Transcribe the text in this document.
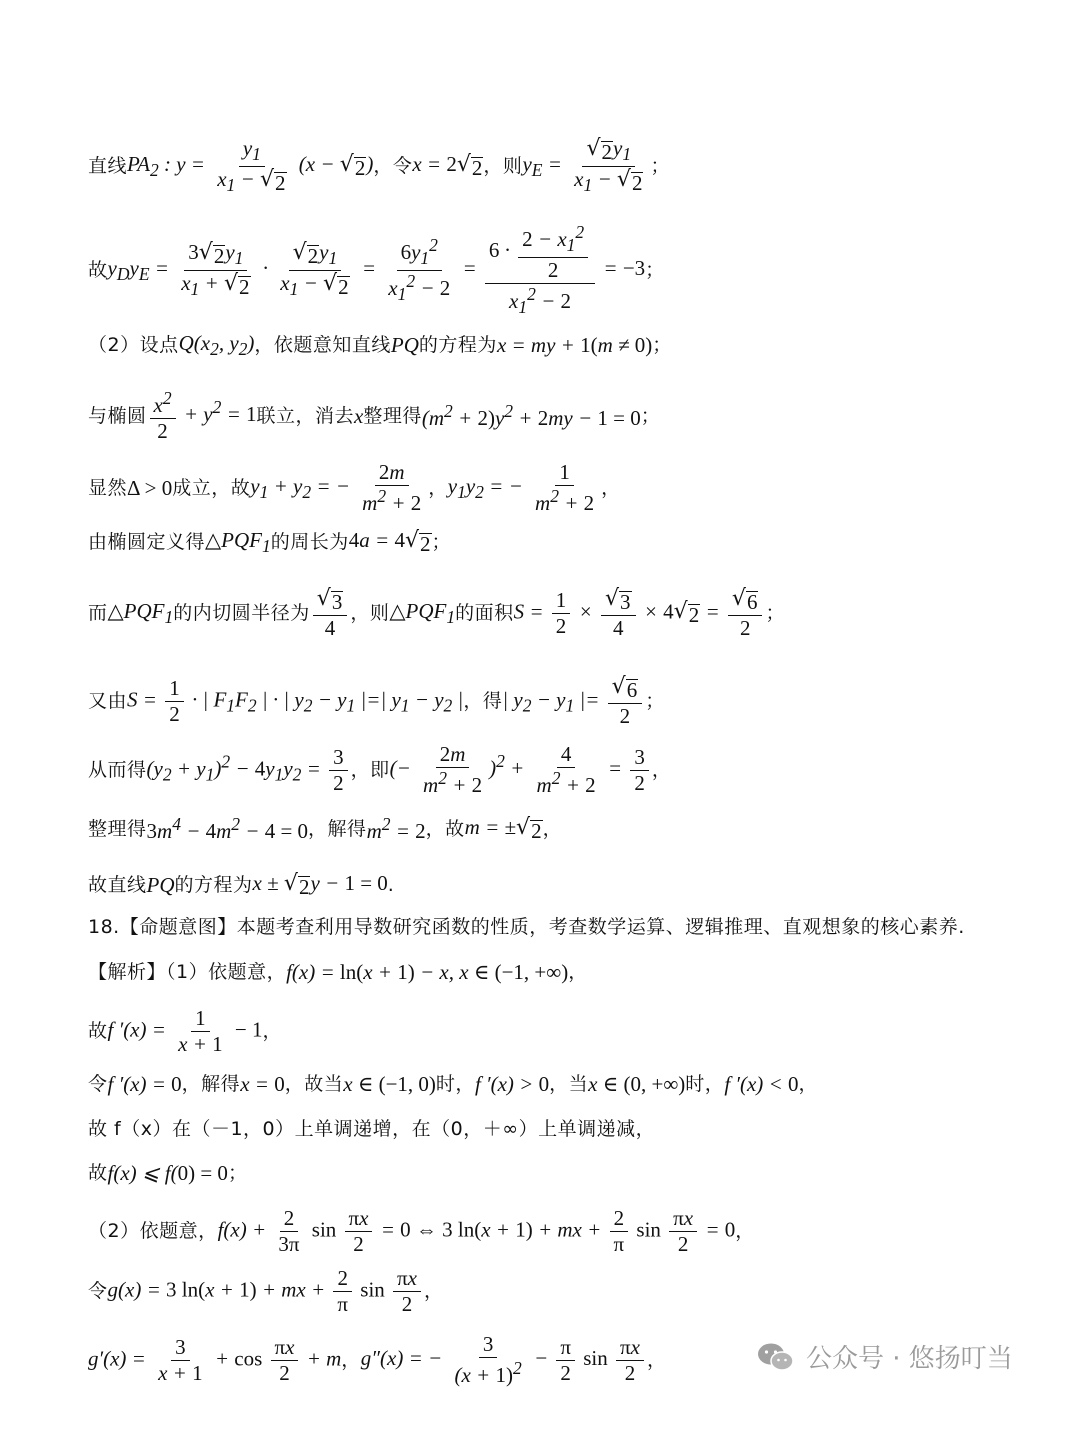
直线 $PA_2$ : $y = \frac{y_1}{x_1 - √ 2} (x$ − √ 2 ) ，令 x = 2 √ 2 ，则 $y_E = \frac{√ 2 y_1}{x_1 - √ 2}$ ；
故 $y_Dy_E = \frac{3 √ 2 y_1}{x_1 + √ 2} \cdot \frac{√ 2 y_1}{x_1 - √ 2} = \frac{6y_1^2}{x_1^2 - 2} = \frac{6 \cdot \frac{2 - x_1^2}{2}}{x_1^2 - 2} = -3$ ；
（2）设点 $Q(x_2$, $y_2$) ，依题意知直线 PQ 的方程为 x = my + 1(m ≠ 0) ；
与椭圆 $\frac{x^2}{2} + y^2 = 1$ 联立，消去 x 整理得 $(m^2 + 2)y^2 + 2my - 1 = 0$ ；
显然 Δ > 0 成立，故 $y_1 + y_2$ = − $\frac{2m}{m^2 + 2}$ ， $y_1y_2$ = − $\frac{1}{m^2 + 2}$ ，
由椭圆定义得 $\triangle PQF_1$ 的周长为 4a = 4 √ 2 ；
而 $\triangle PQF_1$ 的内切圆半径为 $\frac{√ 3}{4}$ ，则 $\triangle PQF_1$ 的面积 $S = \frac{1}{2} \times \frac{√ 3}{4} \times 4$ √ $2 = \frac{√ 6}{2}$ ；
又由 $S = \frac{1}{2}$ · | $F_1F_2$ | · | $y_2 - y_1$ |=| $y_1 - y_2$ | ，得 | $y_2 - y_1$ |= $\frac{√ 6}{2}$ ；
从而得 $(y_2 + y_1)^2 - 4y_1y_2 = \frac{3}{2}$ ，即 (− $\frac{2m}{m^2 + 2} )^2 + \frac{4}{m^2 + 2} = \frac{3}{2}$ ，
整理得 $3m^4 - 4m^2 - 4 = 0$ ，解得 $m^2 = 2$ ，故 m = ± √ 2 ，
故直线 PQ 的方程为 x ± √ 2 y − 1 = 0 .
18.【命题意图】本题考查利用导数研究函数的性质，考查数学运算、逻辑推理、直观想象的核心素养.
【解析】（1）依题意， f(x) = ln(x + 1) − x, x ∈ (−1, +∞) ，
故 f $'(x) = \frac{1}{x + 1} - 1$ ，
令 f ′(x) = 0 ，解得 x = 0 ，故当 x ∈ (−1, 0) 时， f ′(x) > 0 ，当 x ∈ (0, +∞) 时， f ′(x) < 0 ，
故 f（x）在（－1，0）上单调递增，在（0，＋∞）上单调递减，
故 f(x) ⩽ f(0) = 0 ；
（2）依题意， $f(x) + \frac{2}{3\pi}$ $\sin \frac{\pi x}{2} = 0$ ⇔ 3 ln(x + 1) + mx + $\frac{2}{\pi}$ $\sin \frac{\pi x}{2} = 0$ ，
令 g(x) = 3 ln(x + 1) + mx + $\frac{2}{\pi}$ $\sin \frac{\pi x}{2}$ ，
$g'(x) = \frac{3}{x + 1} + \cos \frac{\pi x}{2} + m$ ， g″(x) = − $\frac{3}{(x + 1)^2} - \frac{\pi}{2}$ $\sin \frac{\pi x}{2}$ ，	公众号 · 悠扬叮当
